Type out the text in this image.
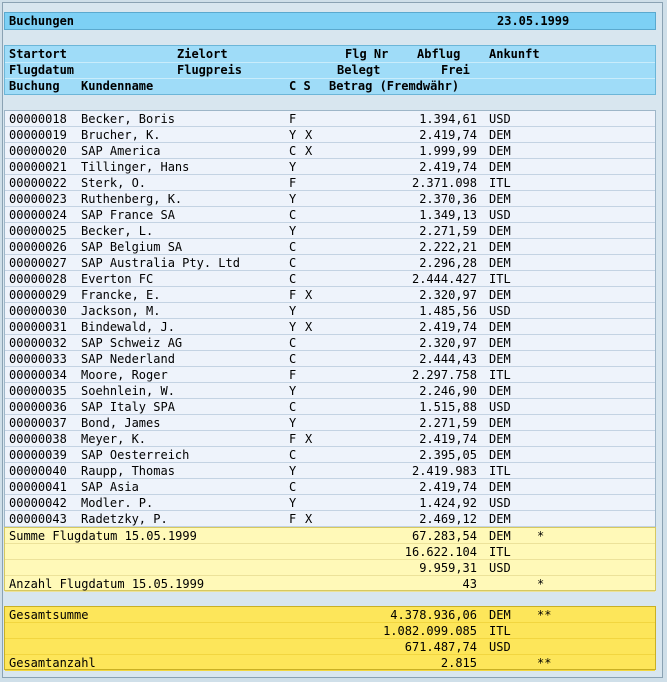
Buchungen	23.05.1999
Startort	Zielort	Flg Nr Abflug Ankunft
Flugdatum	Flugpreis	Belegt	Frei
Buchung Kundenname	C S Betrag (Fremdwähr)
00000018 Becker, Boris	F	1.394,61 USD
00000019 Brucher, K.	Y X	2.419,74 DEM
00000020 SAP America	C X	1.999,99 DEM
00000021 Tillinger, Hans	Y	2.419,74 DEM
00000022 Sterk, O.	F	2.371.098 ITL
00000023 Ruthenberg, K.	Y	2.370,36 DEM
00000024 SAP France SA	C	1.349,13 USD
00000025 Becker, L.	Y	2.271,59 DEM
00000026 SAP Belgium SA	C	2.222,21 DEM
00000027 SAP Australia Pty. Ltd	C	2.296,28 DEM
00000028 Everton FC	C	2.444.427 ITL
00000029 Francke, E.	F X	2.320,97 DEM
00000030 Jackson, M.	Y	1.485,56 USD
00000031 Bindewald, J.	Y X	2.419,74 DEM
00000032 SAP Schweiz AG	C	2.320,97 DEM
00000033 SAP Nederland	C	2.444,43 DEM
00000034 Moore, Roger	F	2.297.758 ITL
00000035 Soehnlein, W.	Y	2.246,90 DEM
00000036 SAP Italy SPA	C	1.515,88 USD
00000037 Bond, James	Y	2.271,59 DEM
00000038 Meyer, K.	F X	2.419,74 DEM
00000039 SAP Oesterreich	C	2.395,05 DEM
00000040 Raupp, Thomas	Y	2.419.983 ITL
00000041 SAP Asia	C	2.419,74 DEM
00000042 Modler. P.	Y	1.424,92 USD
00000043 Radetzky, P.	F X	2.469,12 DEM
Summe Flugdatum 15.05.1999	67.283,54 DEM *
16.622.104 ITL
9.959,31 USD
Anzahl Flugdatum 15.05.1999	43	*
Gesamtsumme	4.378.936,06 DEM **
1.082.099.085 ITL
671.487,74 USD
Gesamtanzahl	2.815	**
